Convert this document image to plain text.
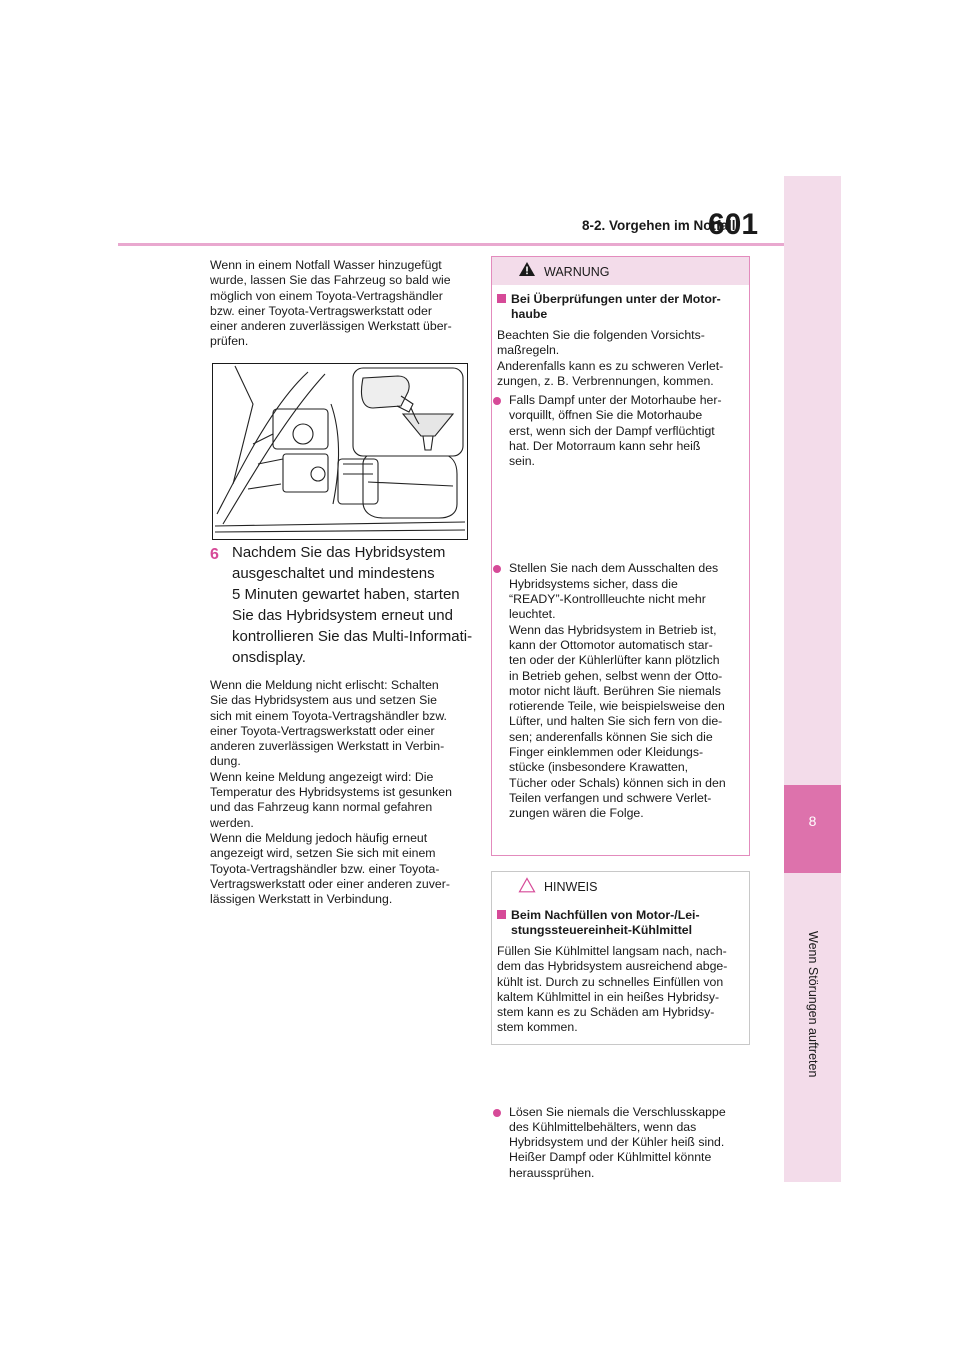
8-2. Vorgehen im Notfall
601
8
Wenn Störungen auftreten
Wenn in einem Notfall Wasser hinzugefügt
wurde, lassen Sie das Fahrzeug so bald wie
möglich von einem Toyota-Vertragshändler
bzw. einer Toyota-Vertragswerkstatt oder
einer anderen zuverlässigen Werkstatt über-
prüfen.
6 Nachdem Sie das Hybridsystem
ausgeschaltet und mindestens
5 Minuten gewartet haben, starten
Sie das Hybridsystem erneut und
kontrollieren Sie das Multi-Informati-
onsdisplay.
Wenn die Meldung nicht erlischt: Schalten
Sie das Hybridsystem aus und setzen Sie
sich mit einem Toyota-Vertragshändler bzw.
einer Toyota-Vertragswerkstatt oder einer
anderen zuverlässigen Werkstatt in Verbin-
dung.
Wenn keine Meldung angezeigt wird: Die
Temperatur des Hybridsystems ist gesunken
und das Fahrzeug kann normal gefahren
werden.
Wenn die Meldung jedoch häufig erneut
angezeigt wird, setzen Sie sich mit einem
Toyota-Vertragshändler bzw. einer Toyota-
Vertragswerkstatt oder einer anderen zuver-
lässigen Werkstatt in Verbindung.
WARNUNG
Bei Überprüfungen unter der Motor-
haube
Beachten Sie die folgenden Vorsichts-
maßregeln.
Anderenfalls kann es zu schweren Verlet-
zungen, z. B. Verbrennungen, kommen.
Falls Dampf unter der Motorhaube her-
vorquillt, öffnen Sie die Motorhaube
erst, wenn sich der Dampf verflüchtigt
hat. Der Motorraum kann sehr heiß
sein.
Stellen Sie nach dem Ausschalten des
Hybridsystems sicher, dass die
“READY”-Kontrollleuchte nicht mehr
leuchtet.
Wenn das Hybridsystem in Betrieb ist,
kann der Ottomotor automatisch star-
ten oder der Kühlerlüfter kann plötzlich
in Betrieb gehen, selbst wenn der Otto-
motor nicht läuft. Berühren Sie niemals
rotierende Teile, wie beispielsweise den
Lüfter, und halten Sie sich fern von die-
sen; anderenfalls können Sie sich die
Finger einklemmen oder Kleidungs-
stücke (insbesondere Krawatten,
Tücher oder Schals) können sich in den
Teilen verfangen und schwere Verlet-
zungen wären die Folge.
Lösen Sie niemals die Verschlusskappe
des Kühlmittelbehälters, wenn das
Hybridsystem und der Kühler heiß sind.
Heißer Dampf oder Kühlmittel könnte
heraussprühen.
HINWEIS
Beim Nachfüllen von Motor-/Lei-
stungssteuereinheit-Kühlmittel
Füllen Sie Kühlmittel langsam nach, nach-
dem das Hybridsystem ausreichend abge-
kühlt ist. Durch zu schnelles Einfüllen von
kaltem Kühlmittel in ein heißes Hybridsy-
stem kann es zu Schäden am Hybridsy-
stem kommen.
